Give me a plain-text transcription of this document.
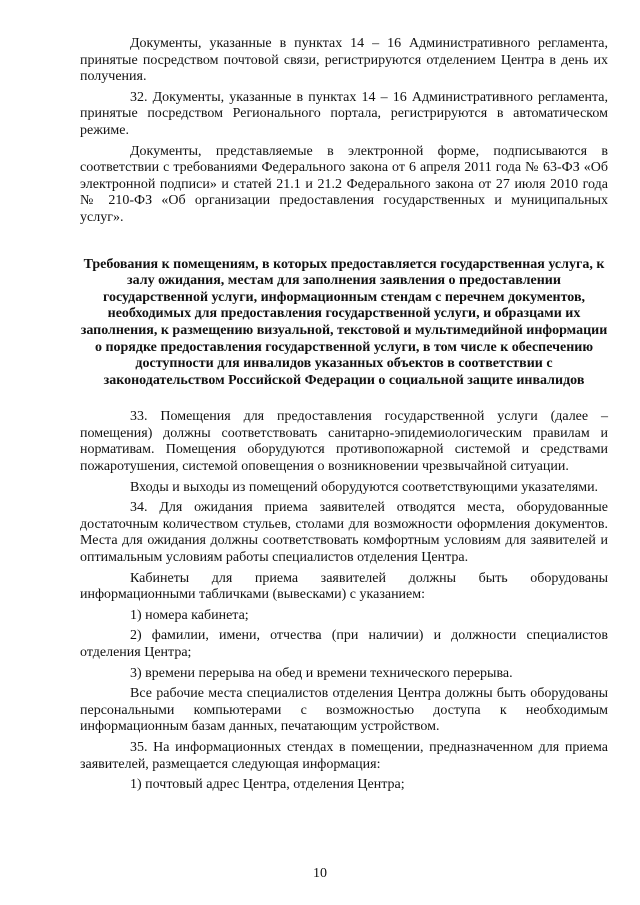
Документы, указанные в пунктах 14 – 16 Административного регламента, принятые посредством почтовой связи, регистрируются отделением Центра в день их получения.

32. Документы, указанные в пунктах 14 – 16 Административного регламента, принятые посредством Регионального портала, регистрируются в автоматическом режиме.

Документы, представляемые в электронной форме, подписываются в соответствии с требованиями Федерального закона от 6 апреля 2011 года № 63-ФЗ «Об электронной подписи» и статей 21.1 и 21.2 Федерального закона от 27 июля 2010 года № 210-ФЗ «Об организации предоставления государственных и муниципальных услуг».

Требования к помещениям, в которых предоставляется государственная услуга, к залу ожидания, местам для заполнения заявления о предоставлении государственной услуги, информационным стендам с перечнем документов, необходимых для предоставления государственной услуги, и образцами их заполнения, к размещению визуальной, текстовой и мультимедийной информации о порядке предоставления государственной услуги, в том числе к обеспечению доступности для инвалидов указанных объектов в соответствии с законодательством Российской Федерации о социальной защите инвалидов

33. Помещения для предоставления государственной услуги (далее – помещения) должны соответствовать санитарно-эпидемиологическим правилам и нормативам. Помещения оборудуются противопожарной системой и средствами пожаротушения, системой оповещения о возникновении чрезвычайной ситуации.

Входы и выходы из помещений оборудуются соответствующими указателями.

34. Для ожидания приема заявителей отводятся места, оборудованные достаточным количеством стульев, столами для возможности оформления документов. Места для ожидания должны соответствовать комфортным условиям для заявителей и оптимальным условиям работы специалистов отделения Центра.

Кабинеты для приема заявителей должны быть оборудованы информационными табличками (вывесками) с указанием:

1) номера кабинета;

2) фамилии, имени, отчества (при наличии) и должности специалистов отделения Центра;

3) времени перерыва на обед и времени технического перерыва.

Все рабочие места специалистов отделения Центра должны быть оборудованы персональными компьютерами с возможностью доступа к необходимым информационным базам данных, печатающим устройством.

35. На информационных стендах в помещении, предназначенном для приема заявителей, размещается следующая информация:

1) почтовый адрес Центра, отделения Центра;

10
